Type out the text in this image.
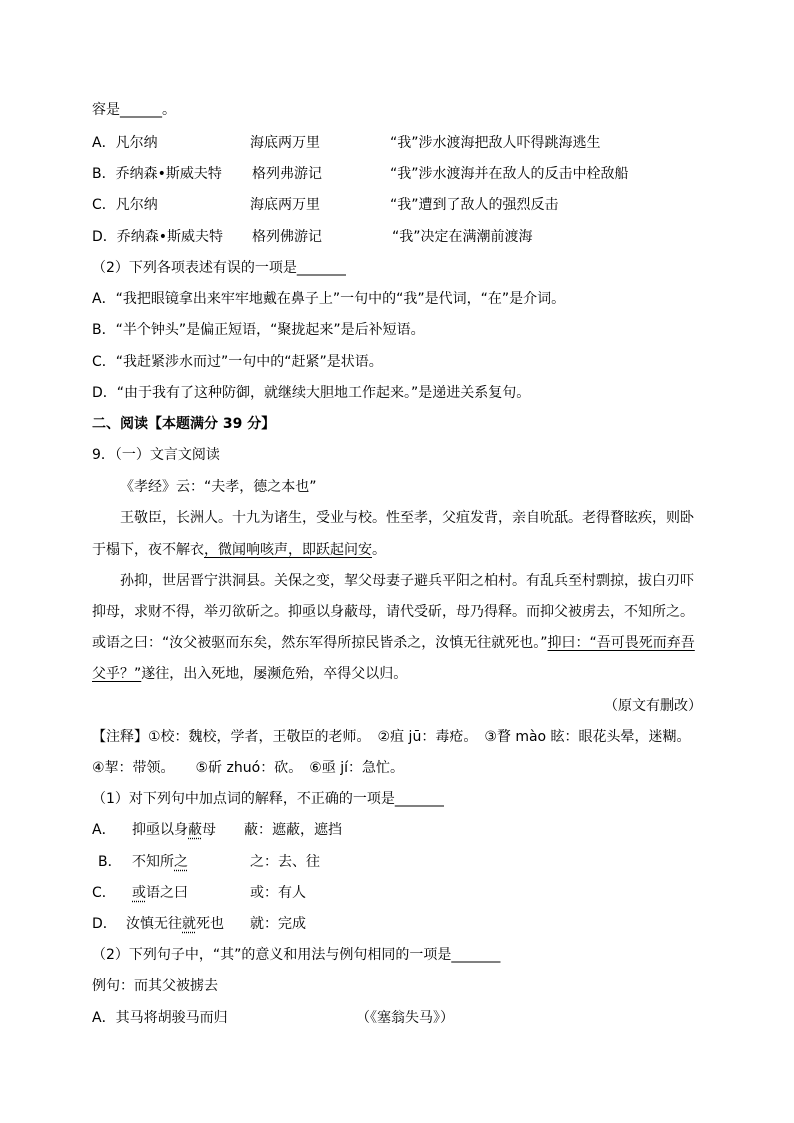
容是______。
A．凡尔纳	海底两万里	“我”涉水渡海把敌人吓得跳海逃生
B．乔纳森•斯威夫特 格列弗游记	“我”涉水渡海并在敌人的反击中栓敌船
C．凡尔纳	海底两万里	“我”遭到了敌人的强烈反击
D．乔纳森•斯威夫特 格列佛游记	“我”决定在满潮前渡海
（2）下列各项表述有误的一项是_______
A．“我把眼镜拿出来牢牢地戴在鼻子上”一句中的“我”是代词，“在”是介词。
B．“半个钟头”是偏正短语，“聚拢起来”是后补短语。
C．“我赶紧涉水而过”一句中的“赶紧”是状语。
D．“由于我有了这种防御，就继续大胆地工作起来。”是递进关系复句。
二、阅读【本题满分 39 分】
9．（一）文言文阅读
《孝经》云：“夫孝，德之本也”
王敬臣，长洲人。十九为诸生，受业与校。性至孝，父疽发背，亲自吮舐。老得瞀眩疾，则卧
于榻下，夜不解衣，微闻响咳声，即跃起问安。
孙抑，世居晋宁洪洞县。关保之变，挈父母妻子避兵平阳之柏村。有乱兵至村剽掠，拔白刃吓
抑母，求财不得，举刃欲斫之。抑亟以身蔽母，请代受斫，母乃得释。而抑父被虏去，不知所之。
或语之曰：“汝父被驱而东矣，然东军得所掠民皆杀之，汝慎无往就死也。”抑曰：“吾可畏死而弃吾
父乎？”遂往，出入死地，屡濒危殆，卒得父以归。
（原文有删改）
【注释】①校：魏校，学者，王敬臣的老师。　②疽 jū：毒疮。　③瞀 mào 眩：眼花头晕，迷糊。
④挈：带领。　　⑤斫 zhuó：砍。　⑥亟 jí：急忙。
（1）对下列句中加点词的解释，不正确的一项是_______
A． 抑亟以身蔽母 蔽：遮蔽，遮挡
B． 不知所之	之：去、往
C． 或语之曰	或：有人
D． 汝慎无往就死也 就：完成
（2）下列句子中，“其”的意义和用法与例句相同的一项是_______
例句：而其父被掳去
A．其马将胡骏马而归	（《塞翁失马》）
